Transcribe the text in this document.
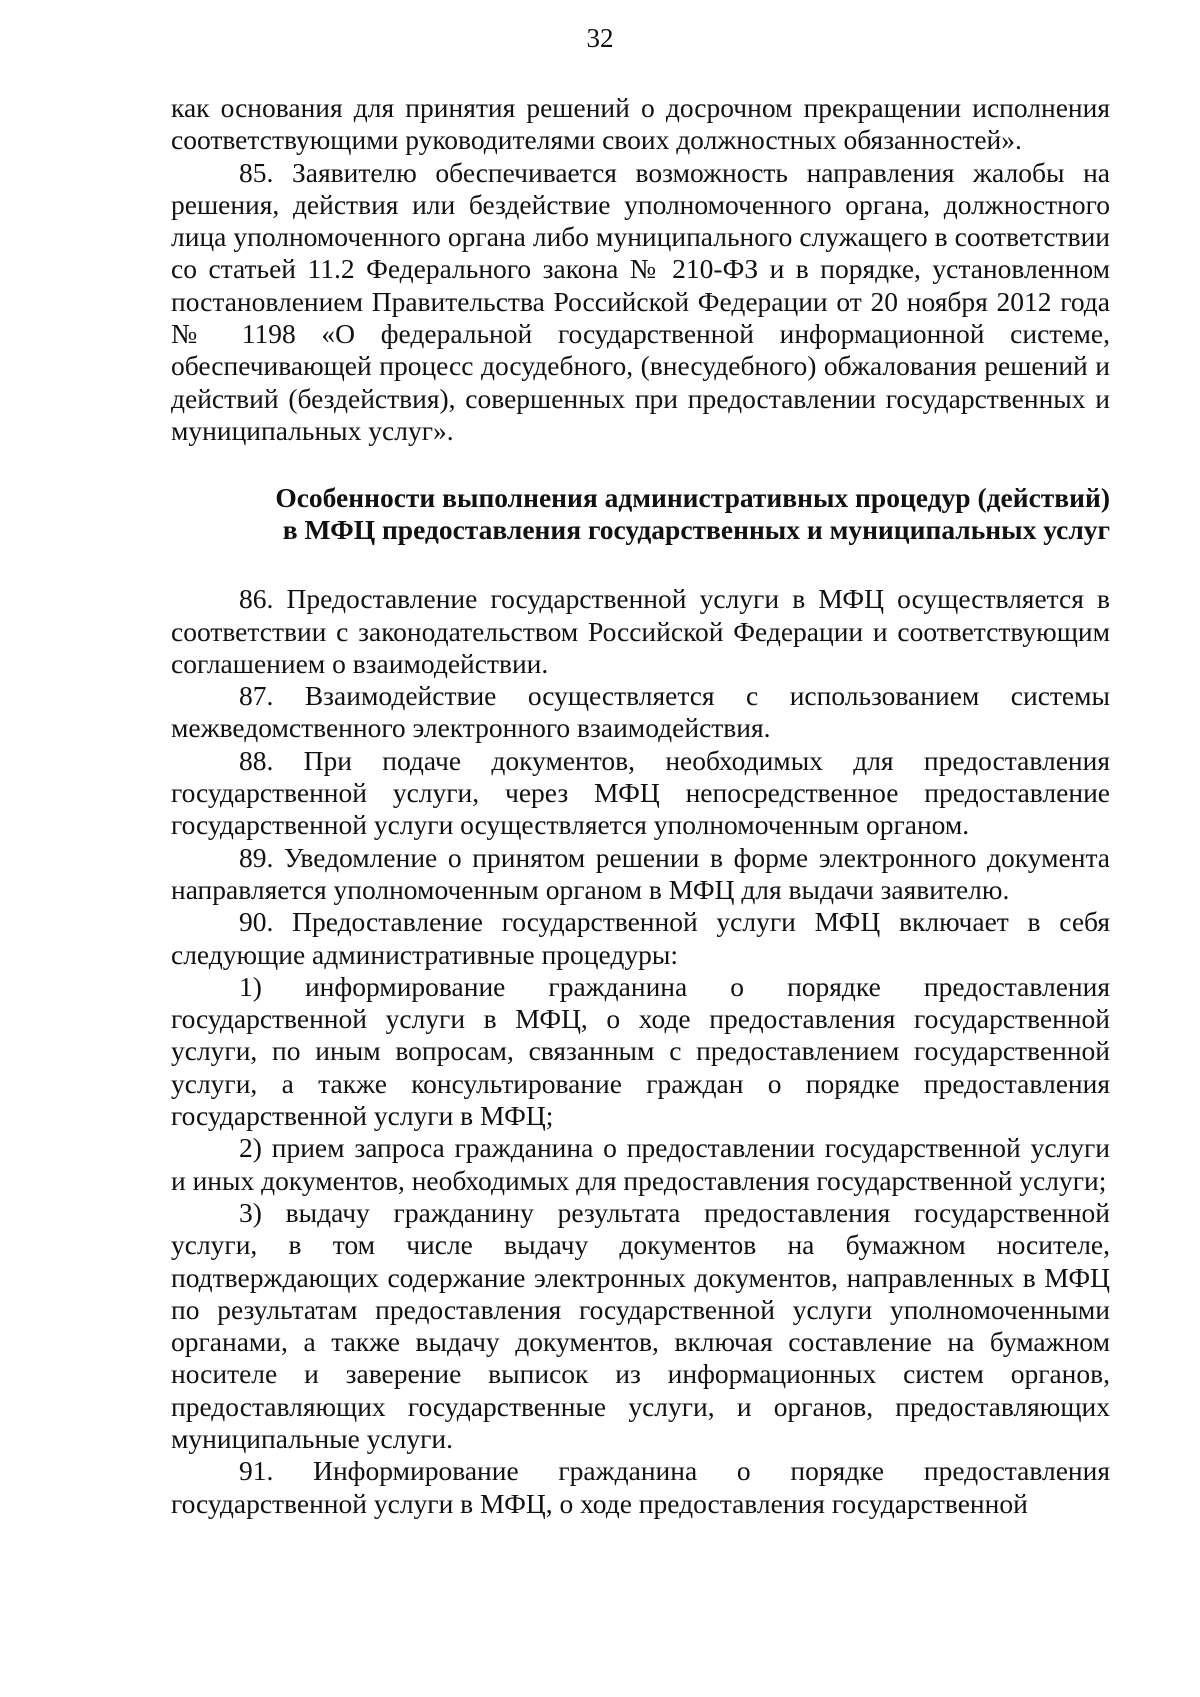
32

как основания для принятия решений о досрочном прекращении исполнения соответствующими руководителями своих должностных обязанностей».

85. Заявителю обеспечивается возможность направления жалобы на решения, действия или бездействие уполномоченного органа, должностного лица уполномоченного органа либо муниципального служащего в соответствии со статьей 11.2 Федерального закона № 210-ФЗ и в порядке, установленном постановлением Правительства Российской Федерации от 20 ноября 2012 года № 1198 «О федеральной государственной информационной системе, обеспечивающей процесс досудебного, (внесудебного) обжалования решений и действий (бездействия), совершенных при предоставлении государственных и муниципальных услуг».

Особенности выполнения административных процедур (действий)
в МФЦ предоставления государственных и муниципальных услуг

86. Предоставление государственной услуги в МФЦ осуществляется в соответствии с законодательством Российской Федерации и соответствующим соглашением о взаимодействии.

87. Взаимодействие осуществляется с использованием системы межведомственного электронного взаимодействия.

88. При подаче документов, необходимых для предоставления государственной услуги, через МФЦ непосредственное предоставление государственной услуги осуществляется уполномоченным органом.

89. Уведомление о принятом решении в форме электронного документа направляется уполномоченным органом в МФЦ для выдачи заявителю.

90. Предоставление государственной услуги МФЦ включает в себя следующие административные процедуры:

1) информирование гражданина о порядке предоставления государственной услуги в МФЦ, о ходе предоставления государственной услуги, по иным вопросам, связанным с предоставлением государственной услуги, а также консультирование граждан о порядке предоставления государственной услуги в МФЦ;

2) прием запроса гражданина о предоставлении государственной услуги и иных документов, необходимых для предоставления государственной услуги;

3) выдачу гражданину результата предоставления государственной услуги, в том числе выдачу документов на бумажном носителе, подтверждающих содержание электронных документов, направленных в МФЦ по результатам предоставления государственной услуги уполномоченными органами, а также выдачу документов, включая составление на бумажном носителе и заверение выписок из информационных систем органов, предоставляющих государственные услуги, и органов, предоставляющих муниципальные услуги.

91. Информирование гражданина о порядке предоставления государственной услуги в МФЦ, о ходе предоставления государственной
